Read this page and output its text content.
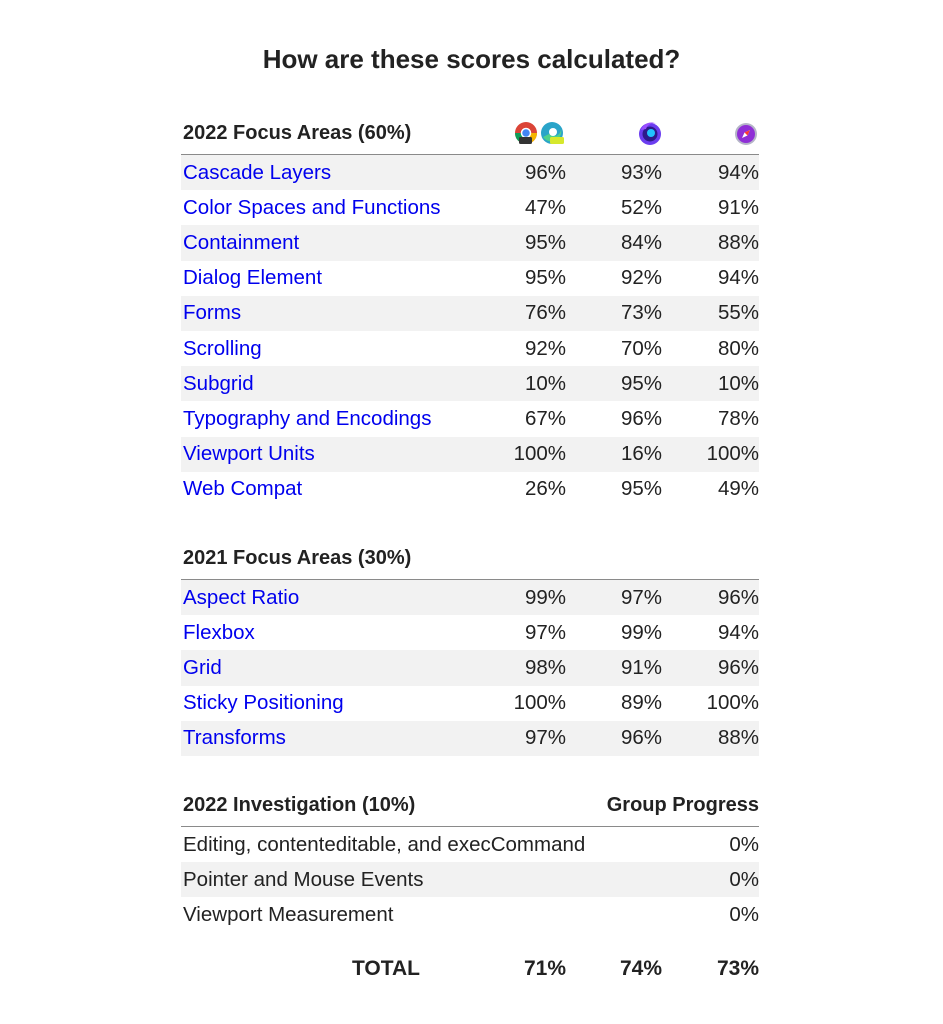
How are these scores calculated?
2022 Focus Areas (60%)
Cascade Layers	96%	93%	94%
Color Spaces and Functions	47%	52%	91%
Containment	95%	84%	88%
Dialog Element	95%	92%	94%
Forms	76%	73%	55%
Scrolling	92%	70%	80%
Subgrid	10%	95%	10%
Typography and Encodings	67%	96%	78%
Viewport Units	100%	16%	100%
Web Compat	26%	95%	49%
2021 Focus Areas (30%)
Aspect Ratio	99%	97%	96%
Flexbox	97%	99%	94%
Grid	98%	91%	96%
Sticky Positioning	100%	89%	100%
Transforms	97%	96%	88%
2022 Investigation (10%)	Group Progress
Editing, contenteditable, and execCommand	0%
Pointer and Mouse Events	0%
Viewport Measurement	0%
TOTAL	71%	74%	73%
